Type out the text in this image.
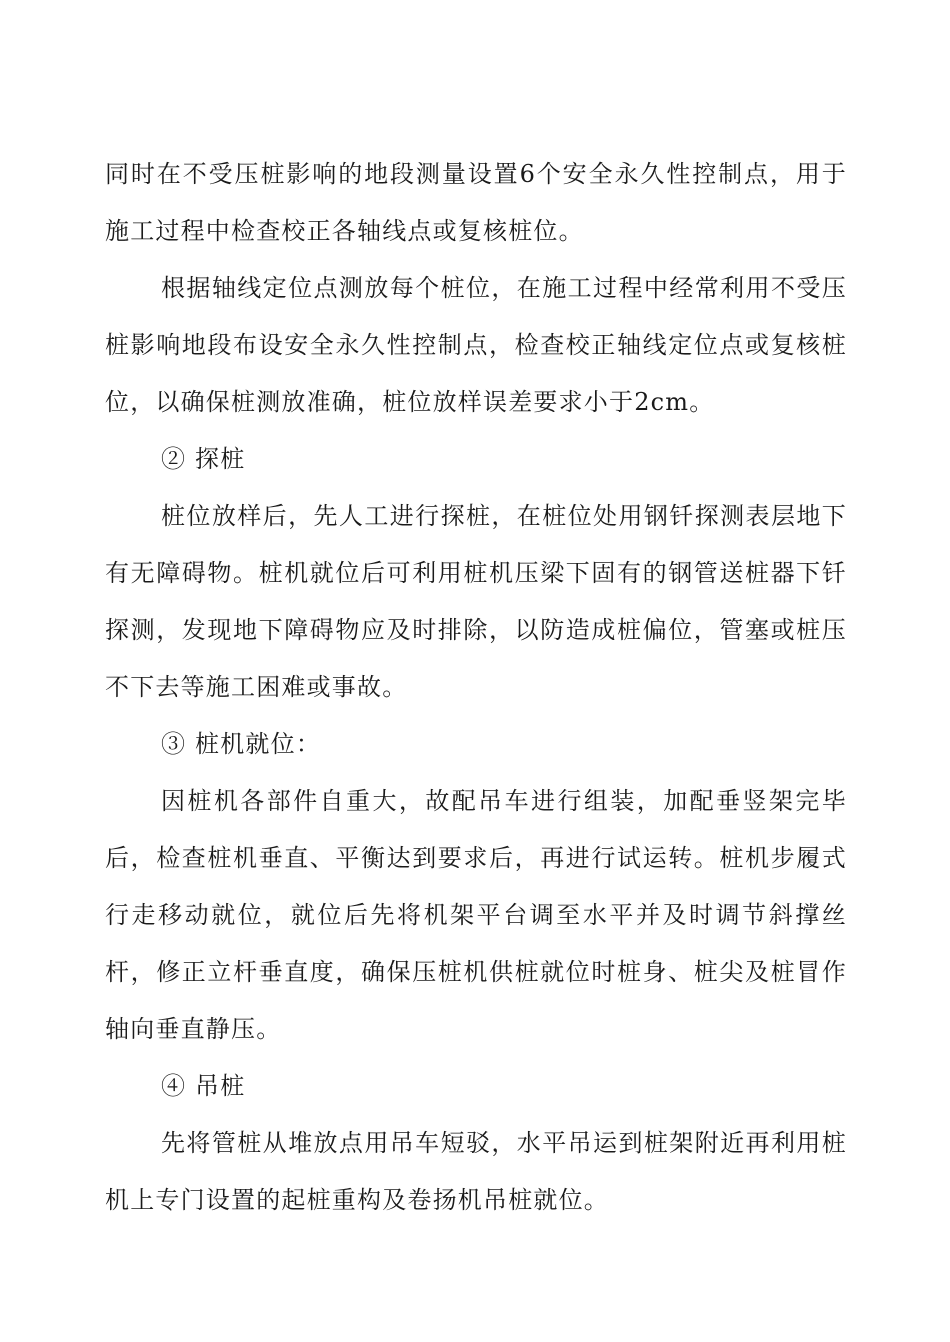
同时在不受压桩影响的地段测量设置6个安全永久性控制点，用于施工过程中检查校正各轴线点或复核桩位。

根据轴线定位点测放每个桩位，在施工过程中经常利用不受压桩影响地段布设安全永久性控制点，检查校正轴线定位点或复核桩位，以确保桩测放准确，桩位放样误差要求小于2cm。

② 探桩

桩位放样后，先人工进行探桩，在桩位处用钢钎探测表层地下有无障碍物。桩机就位后可利用桩机压梁下固有的钢管送桩器下钎探测，发现地下障碍物应及时排除，以防造成桩偏位，管塞或桩压不下去等施工困难或事故。

③ 桩机就位：

因桩机各部件自重大，故配吊车进行组装，加配垂竖架完毕后，检查桩机垂直、平衡达到要求后，再进行试运转。桩机步履式行走移动就位，就位后先将机架平台调至水平并及时调节斜撑丝杆，修正立杆垂直度，确保压桩机供桩就位时桩身、桩尖及桩冒作轴向垂直静压。

④ 吊桩

先将管桩从堆放点用吊车短驳，水平吊运到桩架附近再利用桩机上专门设置的起桩重构及卷扬机吊桩就位。
